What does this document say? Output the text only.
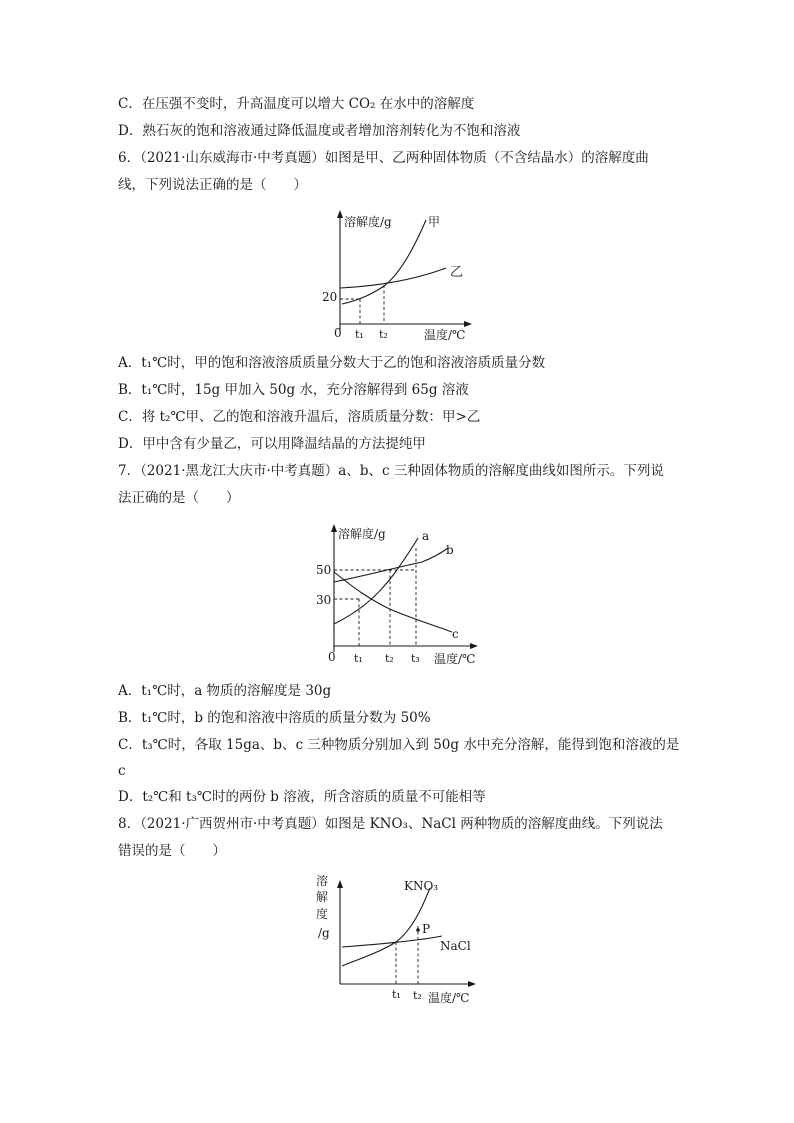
C．在压强不变时，升高温度可以增大 CO₂ 在水中的溶解度
D．熟石灰的饱和溶液通过降低温度或者增加溶剂转化为不饱和溶液
6．（2021·山东威海市·中考真题）如图是甲、乙两种固体物质（不含结晶水）的溶解度曲
线，下列说法正确的是（　　）
溶解度/g	甲
乙
20
0 t₁ t₂	温度/℃
A．t₁℃时，甲的饱和溶液溶质质量分数大于乙的饱和溶液溶质质量分数
B．t₁℃时，15g 甲加入 50g 水，充分溶解得到 65g 溶液
C．将 t₂℃甲、乙的饱和溶液升温后，溶质质量分数：甲>乙
D．甲中含有少量乙，可以用降温结晶的方法提纯甲
7．（2021·黑龙江大庆市·中考真题）a、b、c 三种固体物质的溶解度曲线如图所示。下列说
法正确的是（　　）
溶解度/g	a
b
c
50
30
0 t₁ t₂ t₃ 温度/℃
A．t₁℃时，a 物质的溶解度是 30g
B．t₁℃时，b 的饱和溶液中溶质的质量分数为 50%
C．t₃℃时，各取 15ga、b、c 三种物质分别加入到 50g 水中充分溶解，能得到饱和溶液的是
c
D．t₂℃和 t₃℃时的两份 b 溶液，所含溶质的质量不可能相等
8．（2021·广西贺州市·中考真题）如图是 KNO₃、NaCl 两种物质的溶解度曲线。下列说法
错误的是（　　）
P
溶
解
度
/g
KNO₃
NaCl
t₁ t₂ 温度/℃
